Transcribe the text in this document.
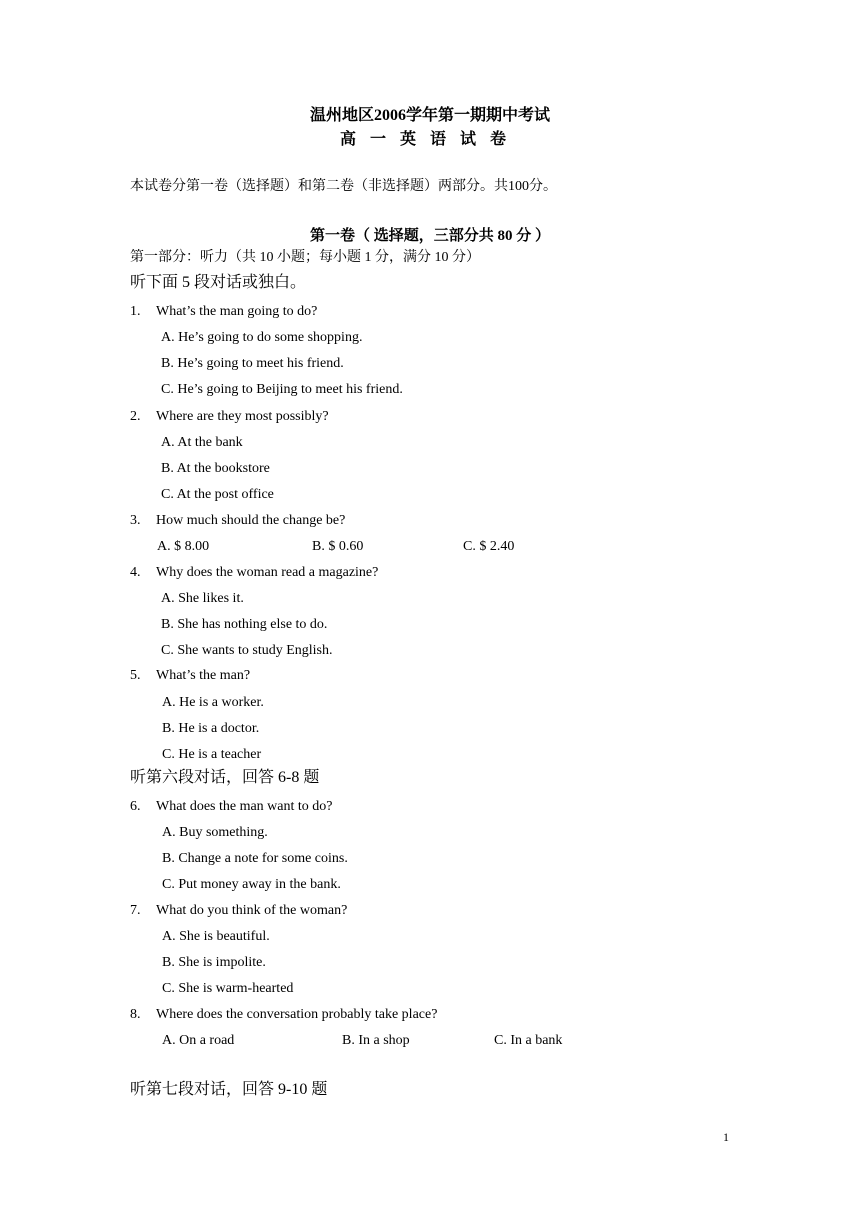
温州地区2006学年第一期期中考试
高一英语试卷
本试卷分第一卷（选择题）和第二卷（非选择题）两部分。共100分。
第一卷（ 选择题，三部分共 80 分 ）
第一部分：听力（共 10 小题；每小题 1 分，满分 10 分）
听下面 5 段对话或独白。
1. What’s the man going to do?
A. He’s going to do some shopping.
B. He’s going to meet his friend.
C. He’s going to Beijing to meet his friend.
2. Where are they most possibly?
A. At the bank
B. At the bookstore
C. At the post office
3. How much should the change be?
A. $ 8.00	B. $ 0.60	C. $ 2.40
4. Why does the woman read a magazine?
A. She likes it.
B. She has nothing else to do.
C. She wants to study English.
5. What’s the man?
A. He is a worker.
B. He is a doctor.
C. He is a teacher
听第六段对话，回答 6-8 题
6. What does the man want to do?
A. Buy something.
B. Change a note for some coins.
C. Put money away in the bank.
7. What do you think of the woman?
A. She is beautiful.
B. She is impolite.
C. She is warm-hearted
8. Where does the conversation probably take place?
A. On a road	B. In a shop	C. In a bank
听第七段对话，回答 9-10 题
1
